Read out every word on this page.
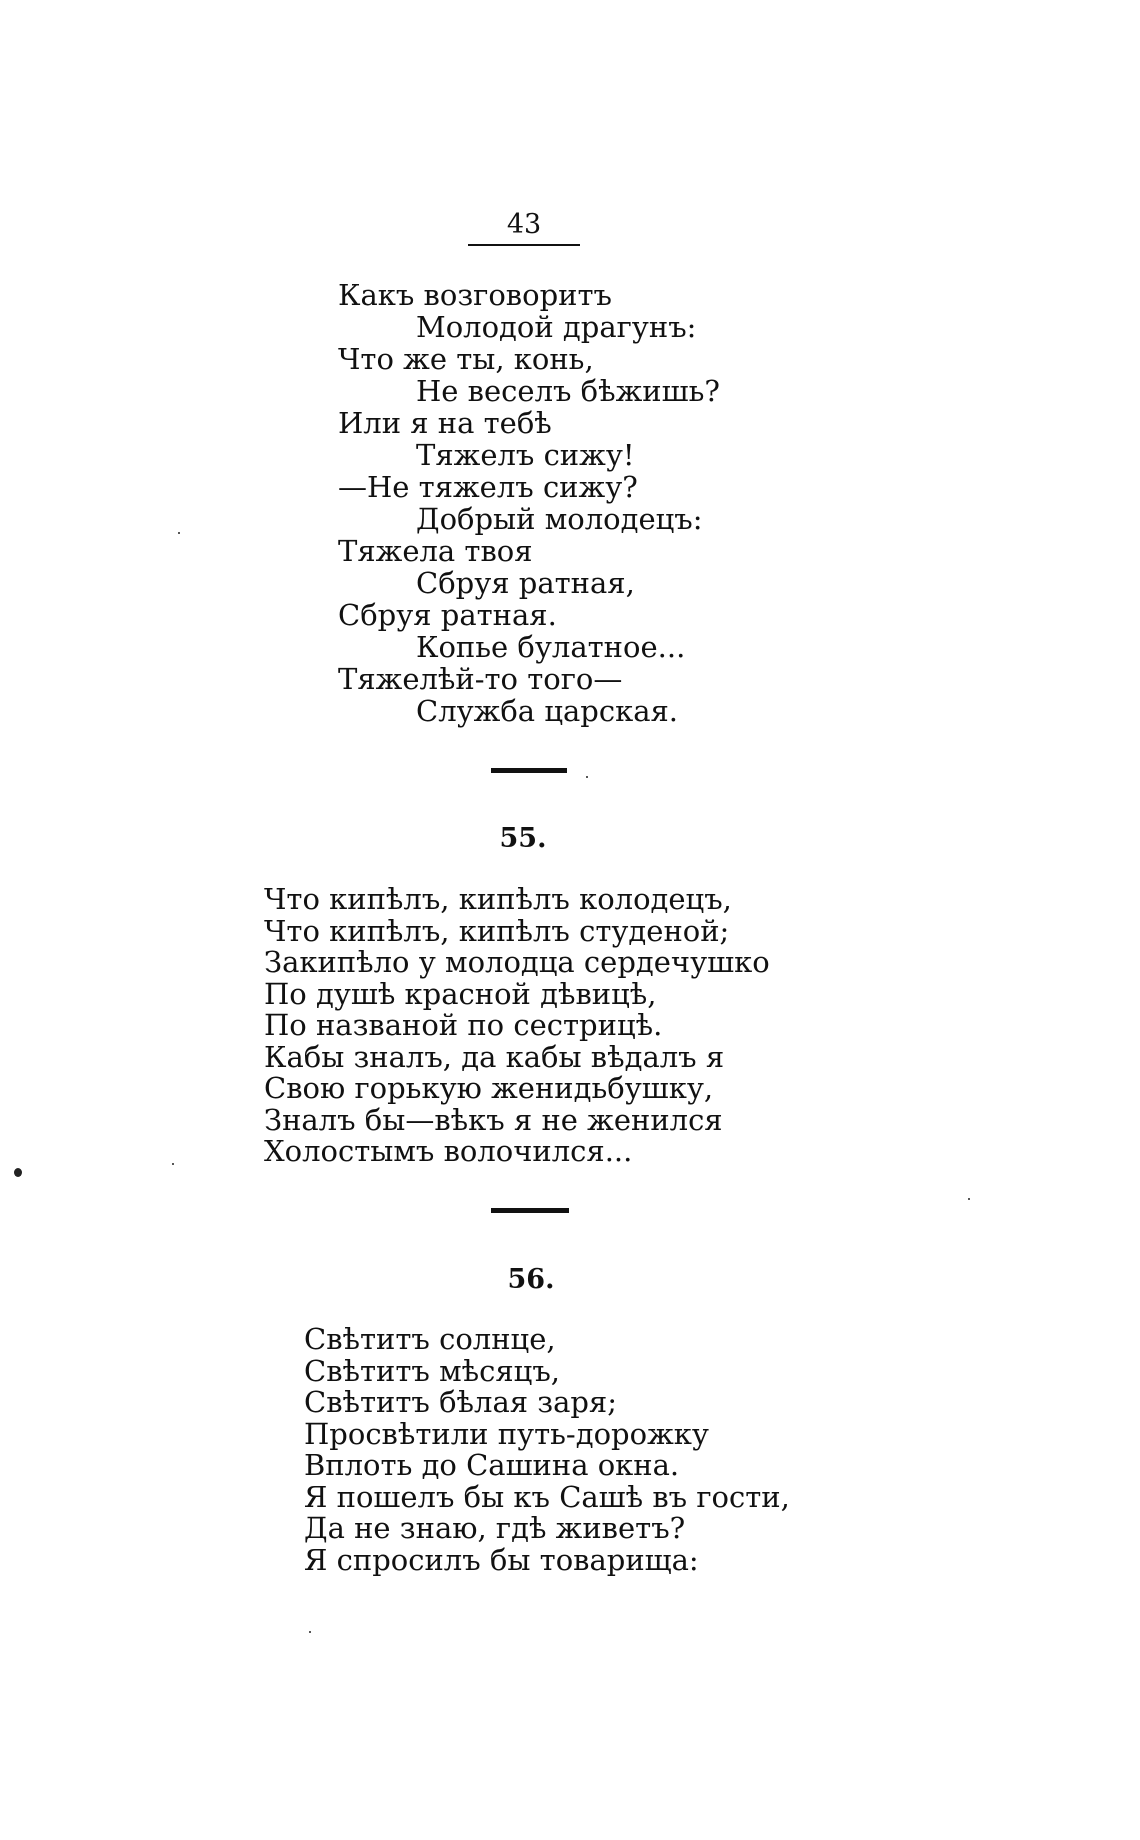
43
Какъ возговоритъ
Молодой драгунъ:
Что же ты, конь,
Не веселъ бѣжишь?
Или я на тебѣ
Тяжелъ сижу!
—Не тяжелъ сижу?
Добрый молодецъ:
Тяжела твоя
Сбруя ратная,
Сбруя ратная.
Копье булатное...
Тяжелѣй-то того—
Служба царская.
55.
Что кипѣлъ, кипѣлъ колодецъ,
Что кипѣлъ, кипѣлъ студеной;
Закипѣло у молодца сердечушко
По душѣ красной дѣвицѣ,
По названой по сестрицѣ.
Кабы зналъ, да кабы вѣдалъ я
Свою горькую женидьбушку,
Зналъ бы—вѣкъ я не женился
Холостымъ волочился...
56.
Свѣтитъ солнце,
Свѣтитъ мѣсяцъ,
Свѣтитъ бѣлая заря;
Просвѣтили путь-дорожку
Вплоть до Сашина окна.
Я пошелъ бы къ Сашѣ въ гости,
Да не знаю, гдѣ живетъ?
Я спросилъ бы товарища:
